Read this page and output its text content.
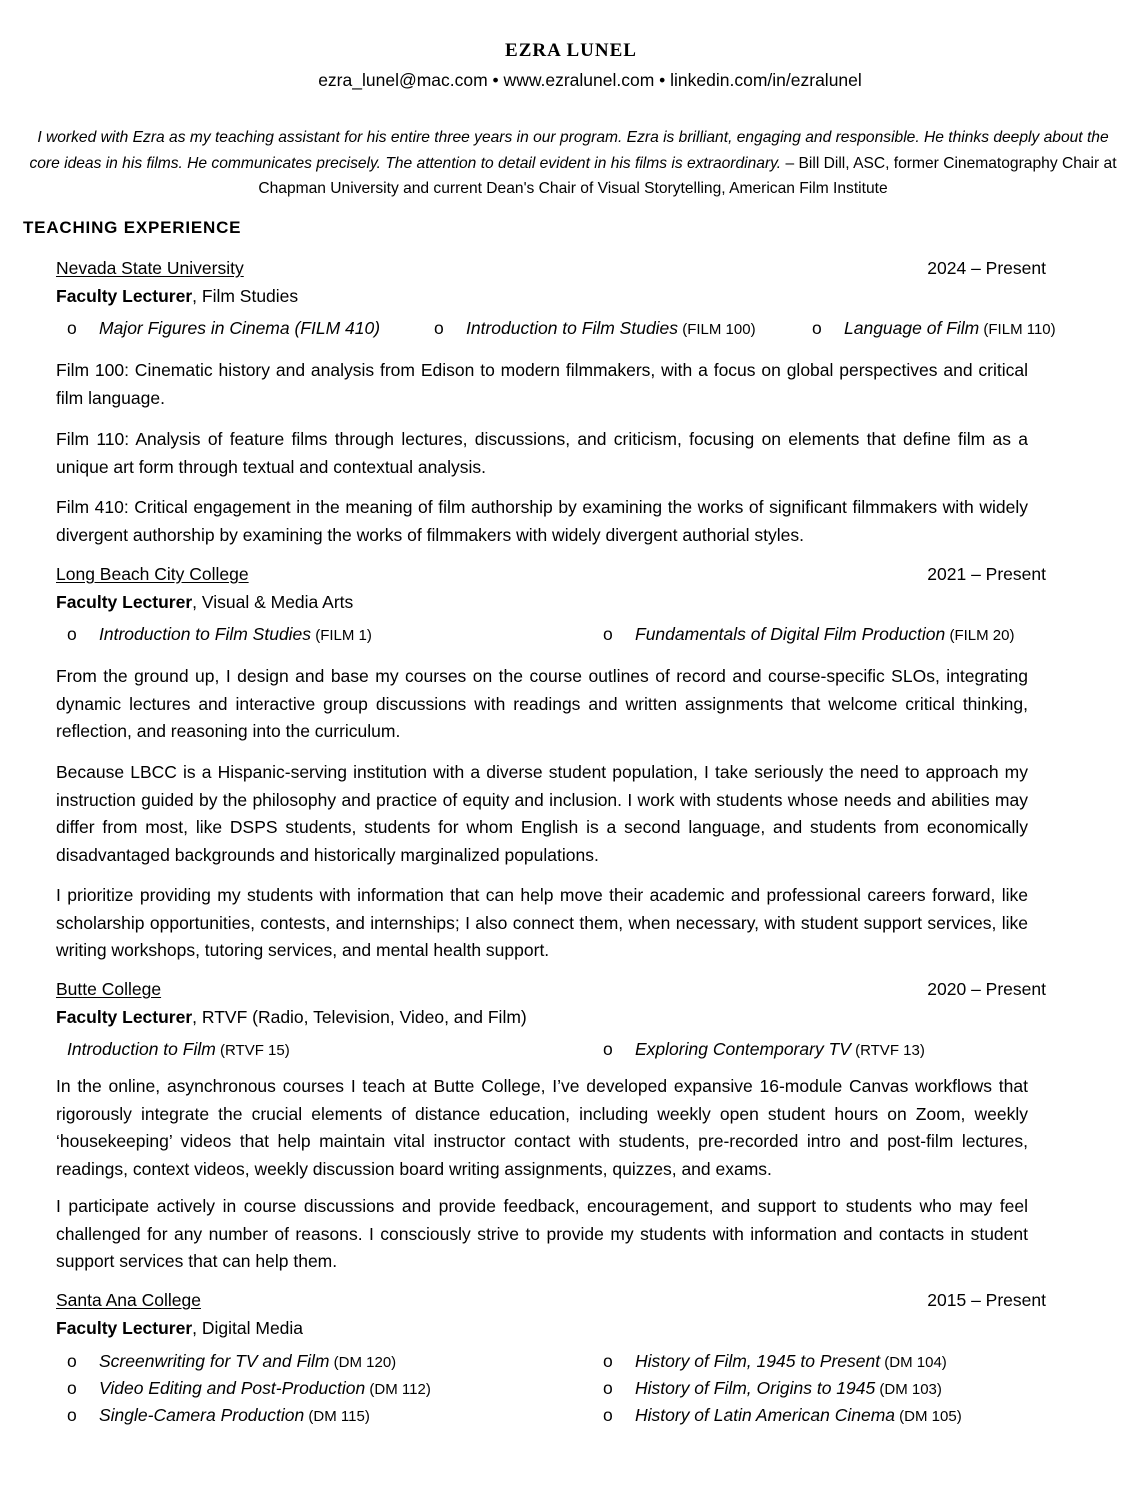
EZRA LUNEL
ezra_lunel@mac.com • www.ezralunel.com • linkedin.com/in/ezralunel
I worked with Ezra as my teaching assistant for his entire three years in our program. Ezra is brilliant, engaging and responsible. He thinks deeply about the core ideas in his films. He communicates precisely. The attention to detail evident in his films is extraordinary. – Bill Dill, ASC, former Cinematography Chair at Chapman University and current Dean's Chair of Visual Storytelling, American Film Institute
TEACHING EXPERIENCE
Nevada State University	2024 – Present
Faculty Lecturer, Film Studies
o Major Figures in Cinema (FILM 410)	o Introduction to Film Studies (FILM 100)	o Language of Film (FILM 110)

Film 100: Cinematic history and analysis from Edison to modern filmmakers, with a focus on global perspectives and critical film language.

Film 110: Analysis of feature films through lectures, discussions, and criticism, focusing on elements that define film as a unique art form through textual and contextual analysis.

Film 410: Critical engagement in the meaning of film authorship by examining the works of significant filmmakers with widely divergent authorship by examining the works of filmmakers with widely divergent authorial styles.

Long Beach City College	2021 – Present
Faculty Lecturer, Visual & Media Arts
o Introduction to Film Studies (FILM 1)	o Fundamentals of Digital Film Production (FILM 20)

From the ground up, I design and base my courses on the course outlines of record and course-specific SLOs, integrating dynamic lectures and interactive group discussions with readings and written assignments that welcome critical thinking, reflection, and reasoning into the curriculum.

Because LBCC is a Hispanic-serving institution with a diverse student population, I take seriously the need to approach my instruction guided by the philosophy and practice of equity and inclusion. I work with students whose needs and abilities may differ from most, like DSPS students, students for whom English is a second language, and students from economically disadvantaged backgrounds and historically marginalized populations.

I prioritize providing my students with information that can help move their academic and professional careers forward, like scholarship opportunities, contests, and internships; I also connect them, when necessary, with student support services, like writing workshops, tutoring services, and mental health support.

Butte College	2020 – Present
Faculty Lecturer, RTVF (Radio, Television, Video, and Film)
Introduction to Film (RTVF 15)	o Exploring Contemporary TV (RTVF 13)

In the online, asynchronous courses I teach at Butte College, I’ve developed expansive 16-module Canvas workflows that rigorously integrate the crucial elements of distance education, including weekly open student hours on Zoom, weekly ‘housekeeping’ videos that help maintain vital instructor contact with students, pre-recorded intro and post-film lectures, readings, context videos, weekly discussion board writing assignments, quizzes, and exams.

I participate actively in course discussions and provide feedback, encouragement, and support to students who may feel challenged for any number of reasons. I consciously strive to provide my students with information and contacts in student support services that can help them.

Santa Ana College	2015 – Present
Faculty Lecturer, Digital Media
o Screenwriting for TV and Film (DM 120)	o History of Film, 1945 to Present (DM 104)
o Video Editing and Post-Production (DM 112)	o History of Film, Origins to 1945 (DM 103)
o Single-Camera Production (DM 115)	o History of Latin American Cinema (DM 105)
